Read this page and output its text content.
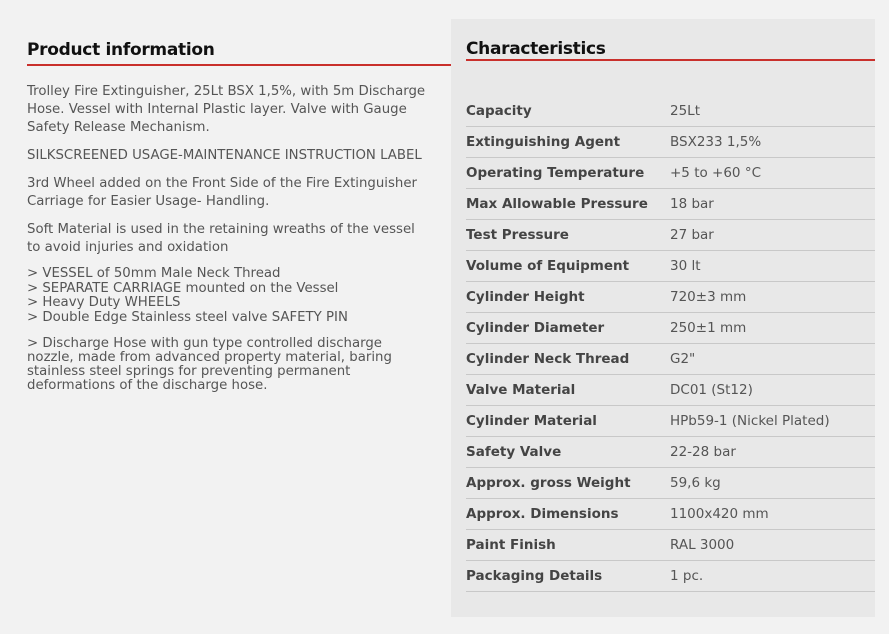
Product information

Trolley Fire Extinguisher, 25Lt BSX 1,5%, with 5m Discharge Hose. Vessel with Internal Plastic layer. Valve with Gauge Safety Release Mechanism.

SILKSCREENED USAGE-MAINTENANCE INSTRUCTION LABEL

3rd Wheel added on the Front Side of the Fire Extinguisher Carriage for Easier Usage- Handling.

Soft Material is used in the retaining wreaths of the vessel to avoid injuries and oxidation

> VESSEL of 50mm Male Neck Thread
> SEPARATE CARRIAGE mounted on the Vessel
> Heavy Duty WHEELS
> Double Edge Stainless steel valve SAFETY PIN
> Discharge Hose with gun type controlled discharge
nozzle, made from advanced property material, baring
stainless steel springs for preventing permanent
deformations of the discharge hose.
Characteristics
Capacity	25Lt
Extinguishing Agent	BSX233 1,5%
Operating Temperature	+5 to +60 °C
Max Allowable Pressure	18 bar
Test Pressure	27 bar
Volume of Equipment	30 lt
Cylinder Height	720±3 mm
Cylinder Diameter	250±1 mm
Cylinder Neck Thread	G2"
Valve Material	DC01 (St12)
Cylinder Material	HPb59-1 (Nickel Plated)
Safety Valve	22-28 bar
Approx. gross Weight	59,6 kg
Approx. Dimensions	1100x420 mm
Paint Finish	RAL 3000
Packaging Details	1 pc.
